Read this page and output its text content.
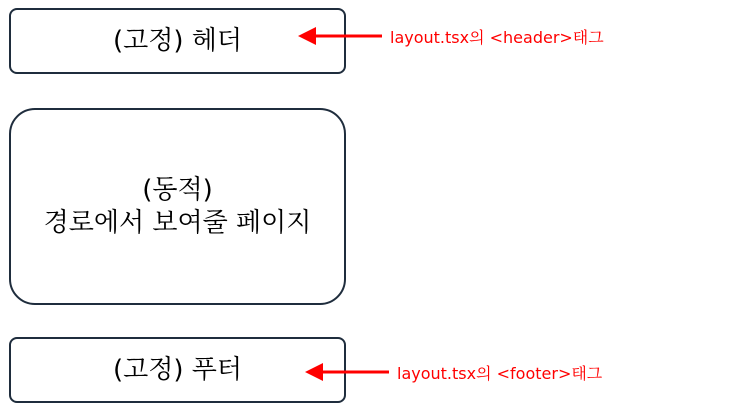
(고정) 헤더
(동적)
경로에서 보여줄 페이지
(고정) 푸터
layout.tsx의 <header>태그
layout.tsx의 <footer>태그
